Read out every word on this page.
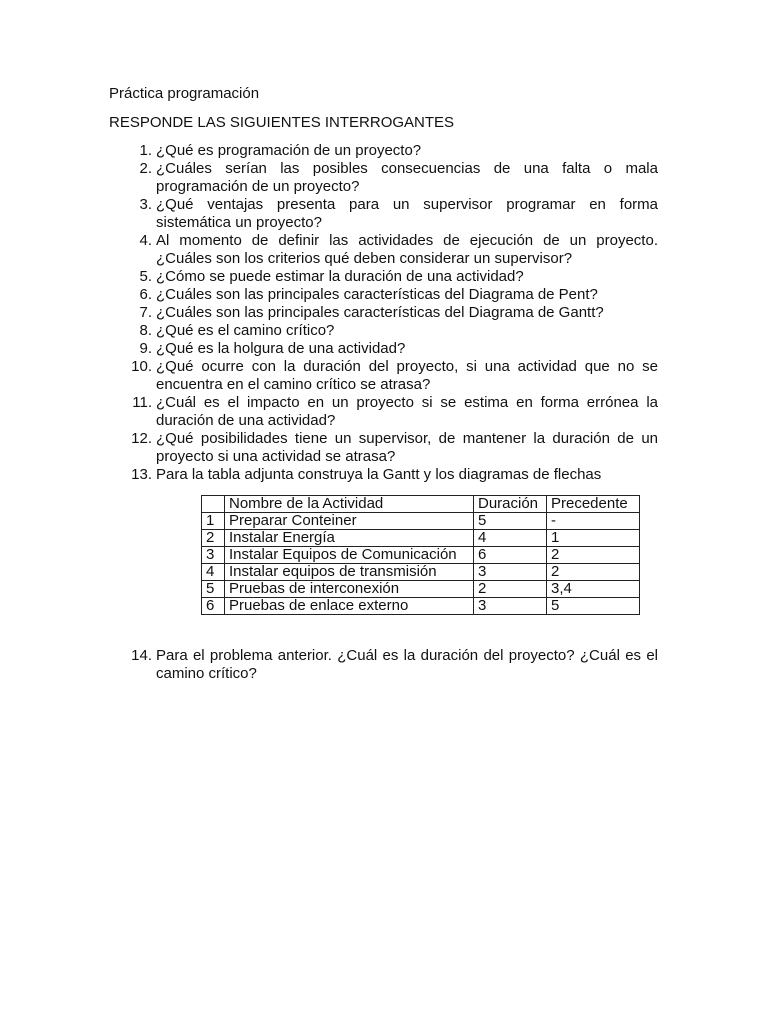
Práctica programación
RESPONDE LAS SIGUIENTES INTERROGANTES
1. ¿Qué es programación de un proyecto?
2. ¿Cuáles serían las posibles consecuencias de una falta o mala programación de un proyecto?
3. ¿Qué ventajas presenta para un supervisor programar en forma sistemática un proyecto?
4. Al momento de definir las actividades de ejecución de un proyecto. ¿Cuáles son los criterios qué deben considerar un supervisor?
5. ¿Cómo se puede estimar la duración de una actividad?
6. ¿Cuáles son las principales características del Diagrama de Pent?
7. ¿Cuáles son las principales características del Diagrama de Gantt?
8. ¿Qué es el camino crítico?
9. ¿Qué es la holgura de una actividad?
10. ¿Qué ocurre con la duración del proyecto, si una actividad que no se encuentra en el camino crítico se atrasa?
11. ¿Cuál es el impacto en un proyecto si se estima en forma errónea la duración de una actividad?
12. ¿Qué posibilidades tiene un supervisor, de mantener la duración de un proyecto si una actividad se atrasa?
13. Para la tabla adjunta construya la Gantt y los diagramas de flechas
	Nombre de la Actividad	Duración	Precedente
1	Preparar Conteiner	5	-
2	Instalar Energía	4	1
3	Instalar Equipos de Comunicación	6	2
4	Instalar equipos de transmisión	3	2
5	Pruebas de interconexión	2	3,4
6	Pruebas de enlace externo	3	5
14. Para el problema anterior. ¿Cuál es la duración del proyecto? ¿Cuál es el camino crítico?
